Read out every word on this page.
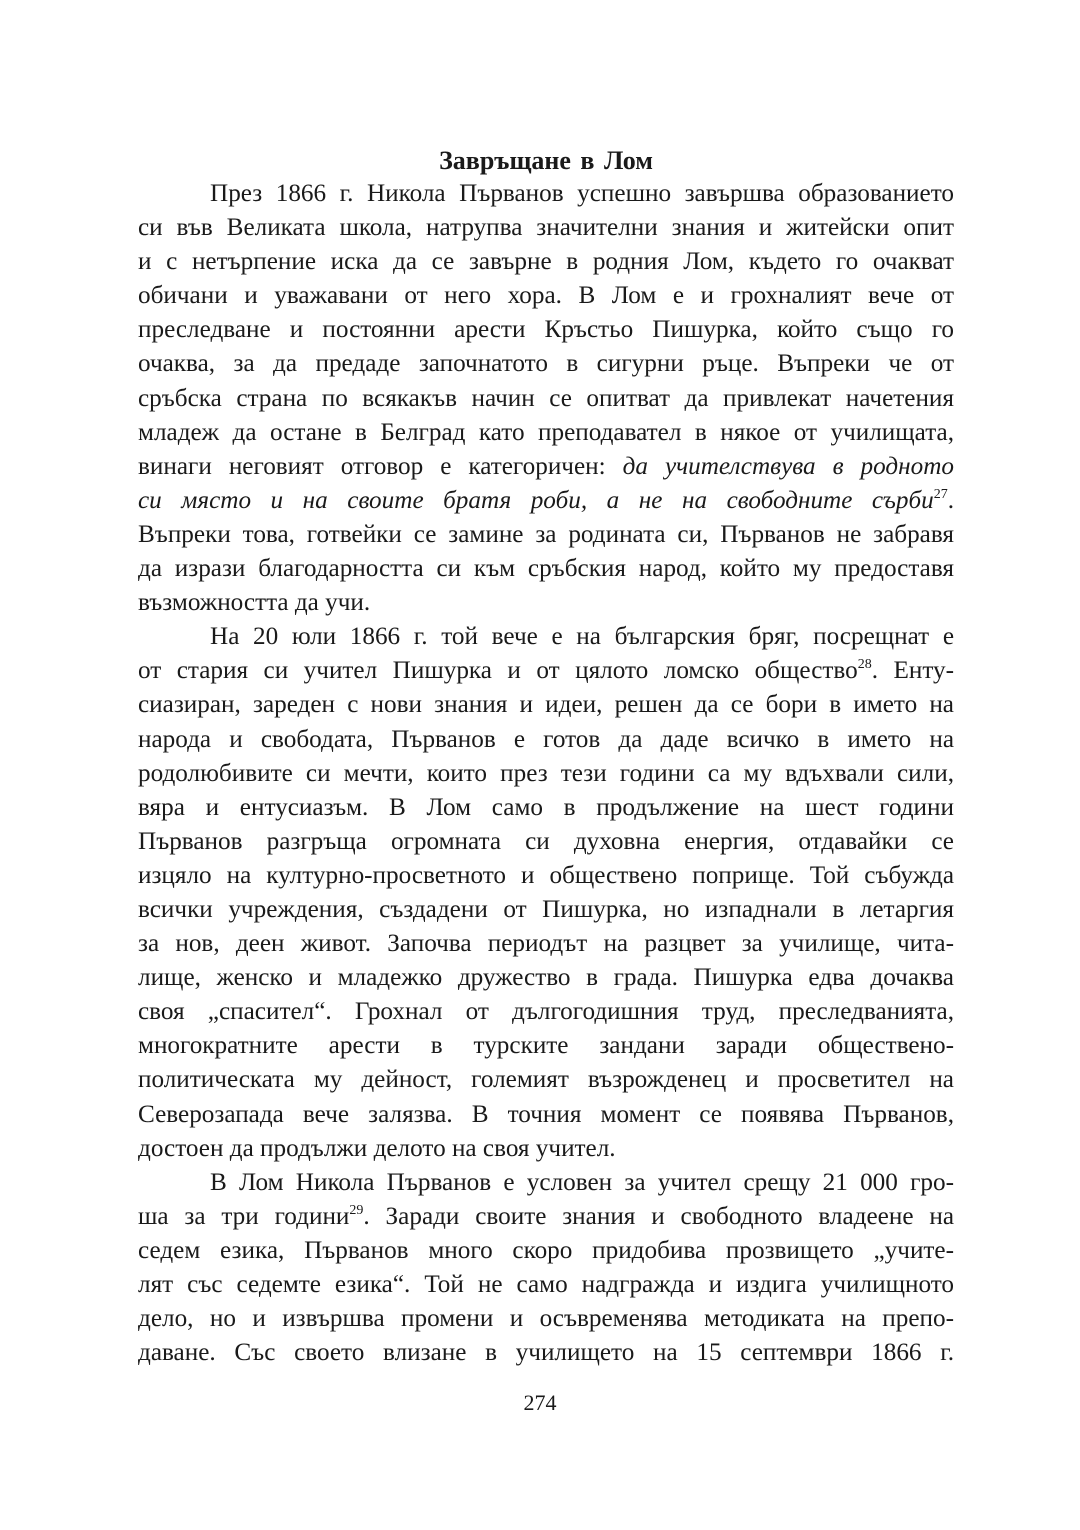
Завръщане в Лом
През 1866 г. Никола Първанов успешно завършва образованието
си във Великата школа, натрупва значителни знания и житейски опит
и с нетърпение иска да се завърне в родния Лом, където го очакват
обичани и уважавани от него хора. В Лом е и грохналият вече от
преследване и постоянни арести Кръстьо Пишурка, който също го
очаква, за да предаде започнатото в сигурни ръце. Въпреки че от
сръбска страна по всякакъв начин се опитват да привлекат начетения
младеж да остане в Белград като преподавател в някое от училищата,
винаги неговият отговор е категоричен: да учителствува в родното
си място и на своите братя роби, а не на свободните сърби$^{27}$.
Въпреки това, готвейки се замине за родината си, Първанов не забравя
да изрази благодарността си към сръбския народ, който му предоставя
възможността да учи.
На 20 юли 1866 г. той вече е на българския бряг, посрещнат е
от стария си учител Пишурка и от цялото ломско общество$^{28}$. Енту-
сиазиран, зареден с нови знания и идеи, решен да се бори в името на
народа и свободата, Първанов е готов да даде всичко в името на
родолюбивите си мечти, които през тези години са му вдъхвали сили,
вяра и ентусиазъм. В Лом само в продължение на шест години
Първанов разгръща огромната си духовна енергия, отдавайки се
изцяло на културно-просветното и обществено поприще. Той събужда
всички учреждения, създадени от Пишурка, но изпаднали в летаргия
за нов, деен живот. Започва периодът на разцвет за училище, чита-
лище, женско и младежко дружество в града. Пишурка едва дочаква
своя „спасител“. Грохнал от дългогодишния труд, преследванията,
многократните арести в турските зандани заради обществено-
политическата му дейност, големият възрожденец и просветител на
Северозапада вече залязва. В точния момент се появява Първанов,
достоен да продължи делото на своя учител.
В Лом Никола Първанов е условен за учител срещу 21 000 гро-
ша за три години$^{29}$. Заради своите знания и свободното владеене на
седем езика, Първанов много скоро придобива прозвището „учите-
лят със седемте езика“. Той не само надгражда и издига училищното
дело, но и извършва промени и осъвременява методиката на препо-
даване. Със своето влизане в училището на 15 септември 1866 г.
274
